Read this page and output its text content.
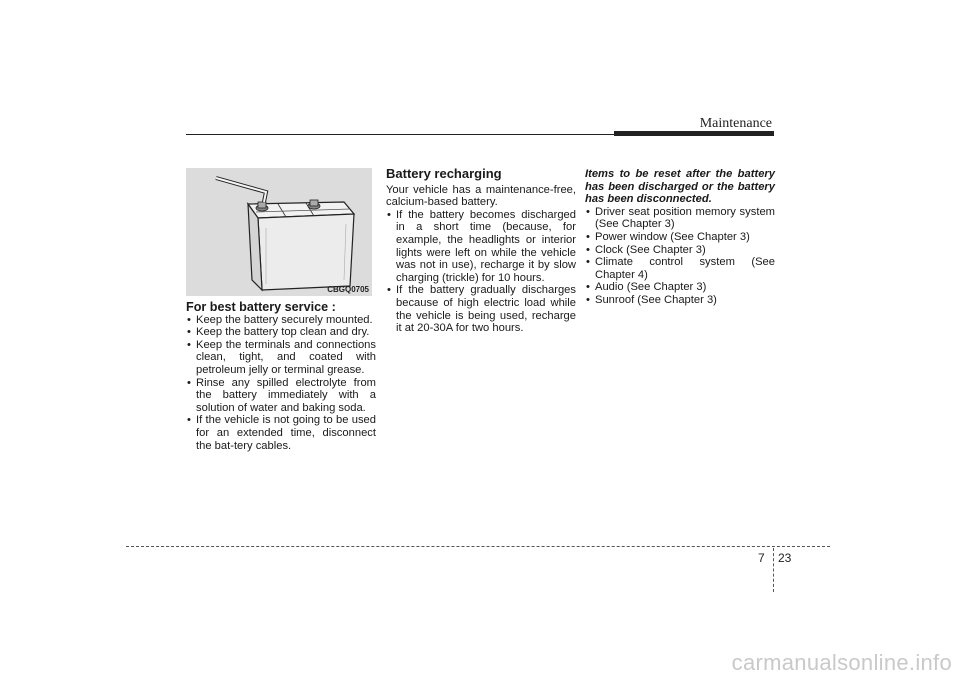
Maintenance
CBGQ0705

For best battery service :

• Keep the battery securely mounted.
• Keep the battery top clean and dry.
• Keep the terminals and connections clean, tight, and coated with petroleum jelly or terminal grease.
• Rinse any spilled electrolyte from the battery immediately with a solution of water and baking soda.
• If the vehicle is not going to be used for an extended time, disconnect the bat-tery cables.

Battery recharging

Your vehicle has a maintenance-free, calcium-based battery.

• If the battery becomes discharged in a short time (because, for example, the headlights or interior lights were left on while the vehicle was not in use), recharge it by slow charging (trickle) for 10 hours.
• If the battery gradually discharges because of high electric load while the vehicle is being used, recharge it at 20-30A for two hours.

Items to be reset after the battery has been discharged or the battery has been disconnected.

• Driver seat position memory system (See Chapter 3)
• Power window (See Chapter 3)
• Clock (See Chapter 3)
• Climate control system (See Chapter 4)
• Audio (See Chapter 3)
• Sunroof (See Chapter 3)
7 23
carmanualsonline.info
